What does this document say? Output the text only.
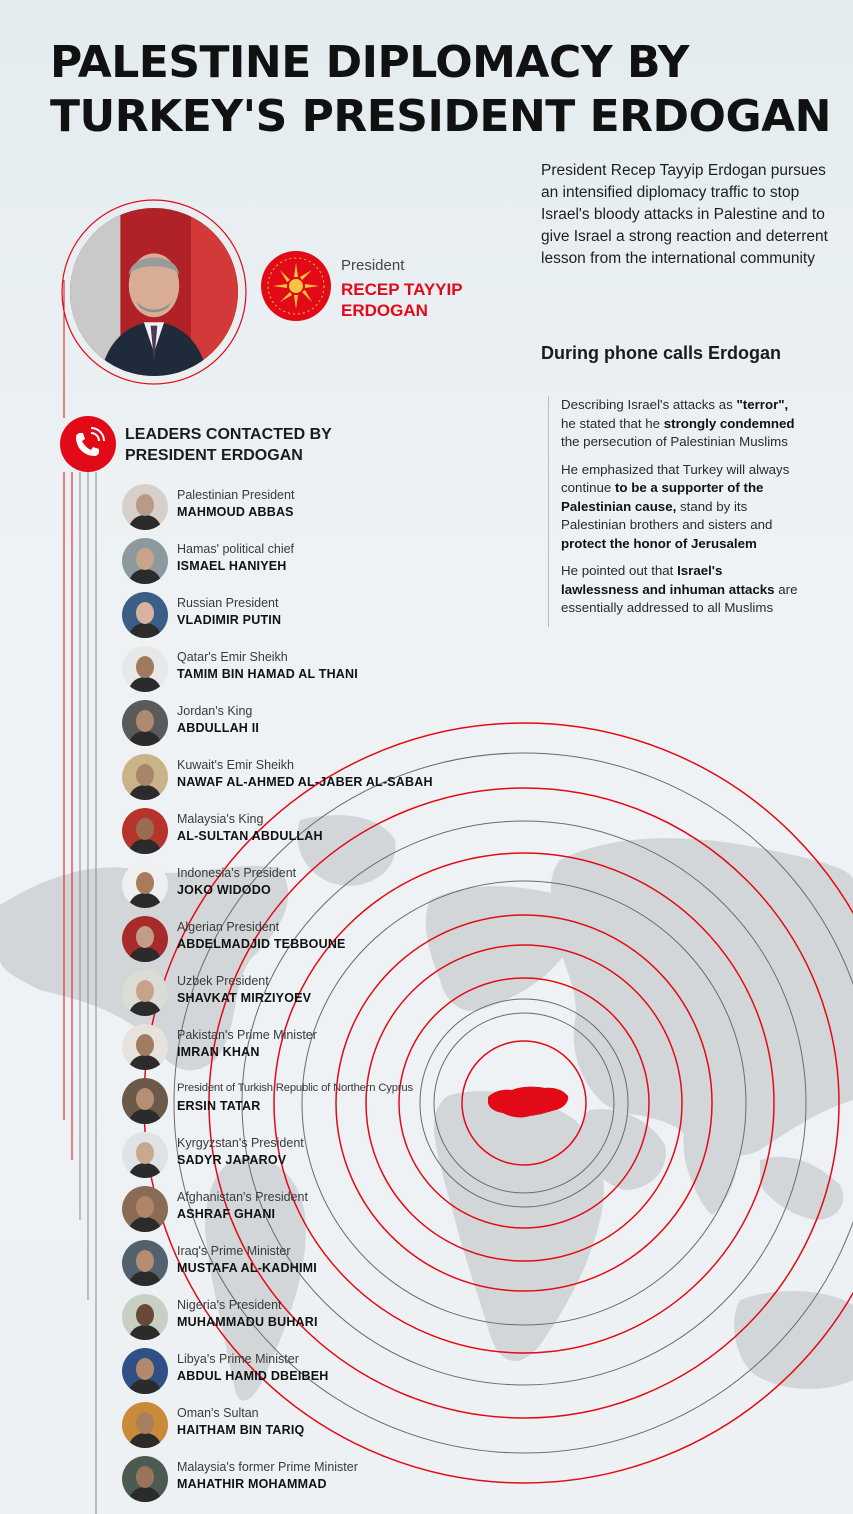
PALESTINE DIPLOMACY BY TURKEY'S PRESIDENT ERDOGAN
President Recep Tayyip Erdogan pursues an intensified diplomacy traffic to stop Israel's bloody attacks in Palestine and to give Israel a strong reaction and deterrent lesson from the international community
President
RECEP TAYYIP ERDOGAN
During phone calls Erdogan

Describing Israel's attacks as "terror", he stated that he strongly condemned the persecution of Palestinian Muslims

He emphasized that Turkey will always continue to be a supporter of the Palestinian cause, stand by its Palestinian brothers and sisters and protect the honor of Jerusalem

He pointed out that Israel's lawlessness and inhuman attacks are essentially addressed to all Muslims

LEADERS CONTACTED BY PRESIDENT ERDOGAN
Palestinian President
MAHMOUD ABBAS
Hamas' political chief
ISMAEL HANIYEH
Russian President
VLADIMIR PUTIN
Qatar's Emir Sheikh
TAMIM BIN HAMAD AL THANI
Jordan's King
ABDULLAH II
Kuwait's Emir Sheikh
NAWAF AL-AHMED AL-JABER AL-SABAH
Malaysia's King
AL-SULTAN ABDULLAH
Indonesia's President
JOKO WIDODO
Algerian President
ABDELMADJID TEBBOUNE
Uzbek President
SHAVKAT MIRZIYOEV
Pakistan's Prime Minister
IMRAN KHAN
President of Turkish Republic of Northern Cyprus
ERSIN TATAR
Kyrgyzstan's President
SADYR JAPAROV
Afghanistan's President
ASHRAF GHANI
Iraq's Prime Minister
MUSTAFA AL-KADHIMI
Nigeria's President
MUHAMMADU BUHARI
Libya's Prime Minister
ABDUL HAMID DBEIBEH
Oman's Sultan
HAITHAM BIN TARIQ
Malaysia's former Prime Minister
MAHATHIR MOHAMMAD
